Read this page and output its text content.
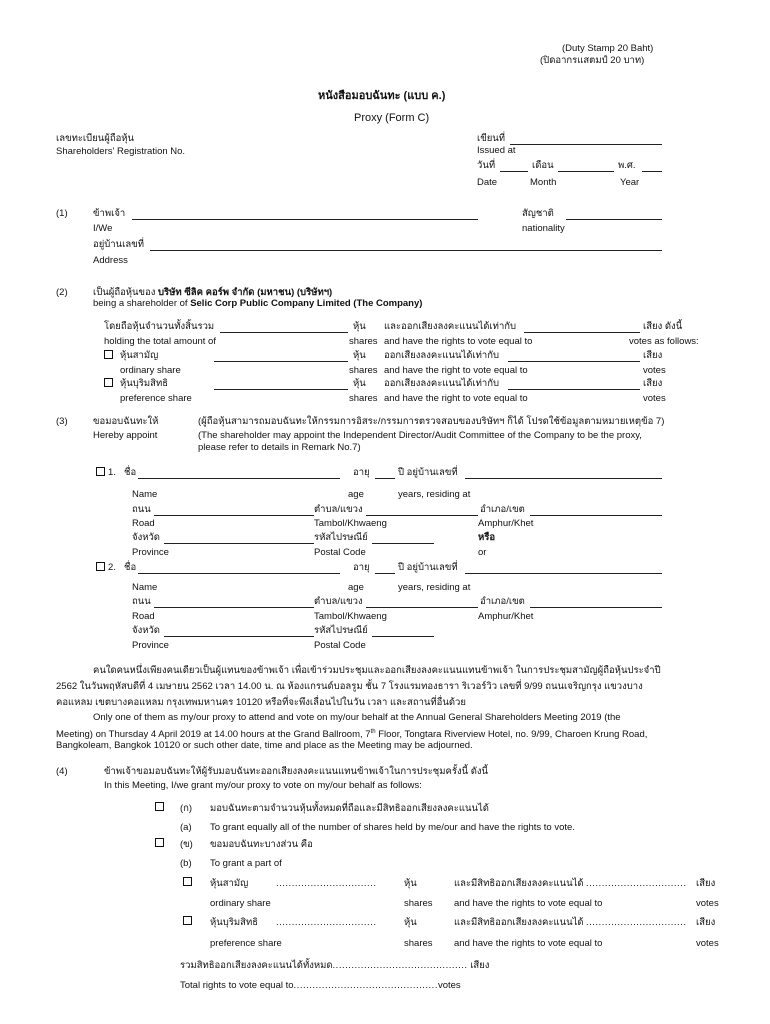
(Duty Stamp 20 Baht)
(ปิดอากรแสตมป์ 20 บาท)
หนังสือมอบฉันทะ (แบบ ค.)
Proxy (Form C)
เลขทะเบียนผู้ถือหุ้น
Shareholders' Registration No.
เขียนที่
Issued at
วันที่	เดือน	พ.ศ.
Date	Month	Year
(1)	ข้าพเจ้า	สัญชาติ
I/We	nationality
อยู่บ้านเลขที่
Address
(2)	เป็นผู้ถือหุ้นของ บริษัท ซีลิค คอร์พ จำกัด (มหาชน) (บริษัทฯ)
being a shareholder of Selic Corp Public Company Limited (The Company)
โดยถือหุ้นจำนวนทั้งสิ้นรวม	หุ้น และออกเสียงลงคะแนนได้เท่ากับ	เสียง ดังนี้
holding the total amount of	shares and have the rights to vote equal to	votes as follows:
หุ้นสามัญ	หุ้น ออกเสียงลงคะแนนได้เท่ากับ	เสียง
ordinary share	shares and have the right to vote equal to	votes
หุ้นบุริมสิทธิ	หุ้น ออกเสียงลงคะแนนได้เท่ากับ	เสียง
preference share	shares and have the right to vote equal to	votes
(3)	ขอมอบฉันทะให้
Hereby appoint
(ผู้ถือหุ้นสามารถมอบฉันทะให้กรรมการอิสระ/กรรมการตรวจสอบของบริษัทฯ ก็ได้ โปรดใช้ข้อมูลตามหมายเหตุข้อ 7)
(The shareholder may appoint the Independent Director/Audit Committee of the Company to be the proxy,
please refer to details in Remark No.7)
1. ชื่อ	อายุ	ปี อยู่บ้านเลขที่
Name	age	years, residing at
ถนน	ตำบล/แขวง	อำเภอ/เขต
Road	Tambol/Khwaeng	Amphur/Khet
จังหวัด	รหัสไปรษณีย์	หรือ
Province	Postal Code	or
2. ชื่อ	อายุ	ปี อยู่บ้านเลขที่
Name	age	years, residing at
ถนน	ตำบล/แขวง	อำเภอ/เขต
Road	Tambol/Khwaeng	Amphur/Khet
จังหวัด	รหัสไปรษณีย์
Province	Postal Code
คนใดคนหนึ่งเพียงคนเดียวเป็นผู้แทนของข้าพเจ้า เพื่อเข้าร่วมประชุมและออกเสียงลงคะแนนแทนข้าพเจ้า ในการประชุมสามัญผู้ถือหุ้นประจำปี
2562 ในวันพฤหัสบดีที่ 4 เมษายน 2562 เวลา 14.00 น. ณ ห้องแกรนด์บอลรูม ชั้น 7 โรงแรมทองธารา ริเวอร์วิว เลขที่ 9/99 ถนนเจริญกรุง แขวงบาง
คอแหลม เขตบางคอแหลม กรุงเทพมหานคร 10120 หรือที่จะพึงเลื่อนไปในวัน เวลา และสถานที่อื่นด้วย
Only one of them as my/our proxy to attend and vote on my/our behalf at the Annual General Shareholders Meeting 2019 (the
Meeting) on Thursday 4 April 2019 at 14.00 hours at the Grand Ballroom, 7th Floor, Tongtara Riverview Hotel, no. 9/99, Charoen Krung Road,
Bangkoleam, Bangkok 10120 or such other date, time and place as the Meeting may be adjourned.
(4)	ข้าพเจ้าขอมอบฉันทะให้ผู้รับมอบฉันทะออกเสียงลงคะแนนแทนข้าพเจ้าในการประชุมครั้งนี้ ดังนี้
In this Meeting, I/we grant my/our proxy to vote on my/our behalf as follows:
(ก) มอบฉันทะตามจำนวนหุ้นทั้งหมดที่ถือและมีสิทธิออกเสียงลงคะแนนได้
(a) To grant equally all of the number of shares held by me/our and have the rights to vote.
(ข) ขอมอบฉันทะบางส่วน คือ
(b) To grant a part of
หุ้นสามัญ	................................	หุ้น	และมีสิทธิออกเสียงลงคะแนนได้ ................................ เสียง
ordinary share	shares and have the rights to vote equal to	votes
หุ้นบุริมสิทธิ ................................	หุ้น	และมีสิทธิออกเสียงลงคะแนนได้ ................................ เสียง
preference share	shares and have the rights to vote equal to	votes
รวมสิทธิออกเสียงลงคะแนนได้ทั้งหมด........................................... เสียง
Total rights to vote equal to..............................................votes
